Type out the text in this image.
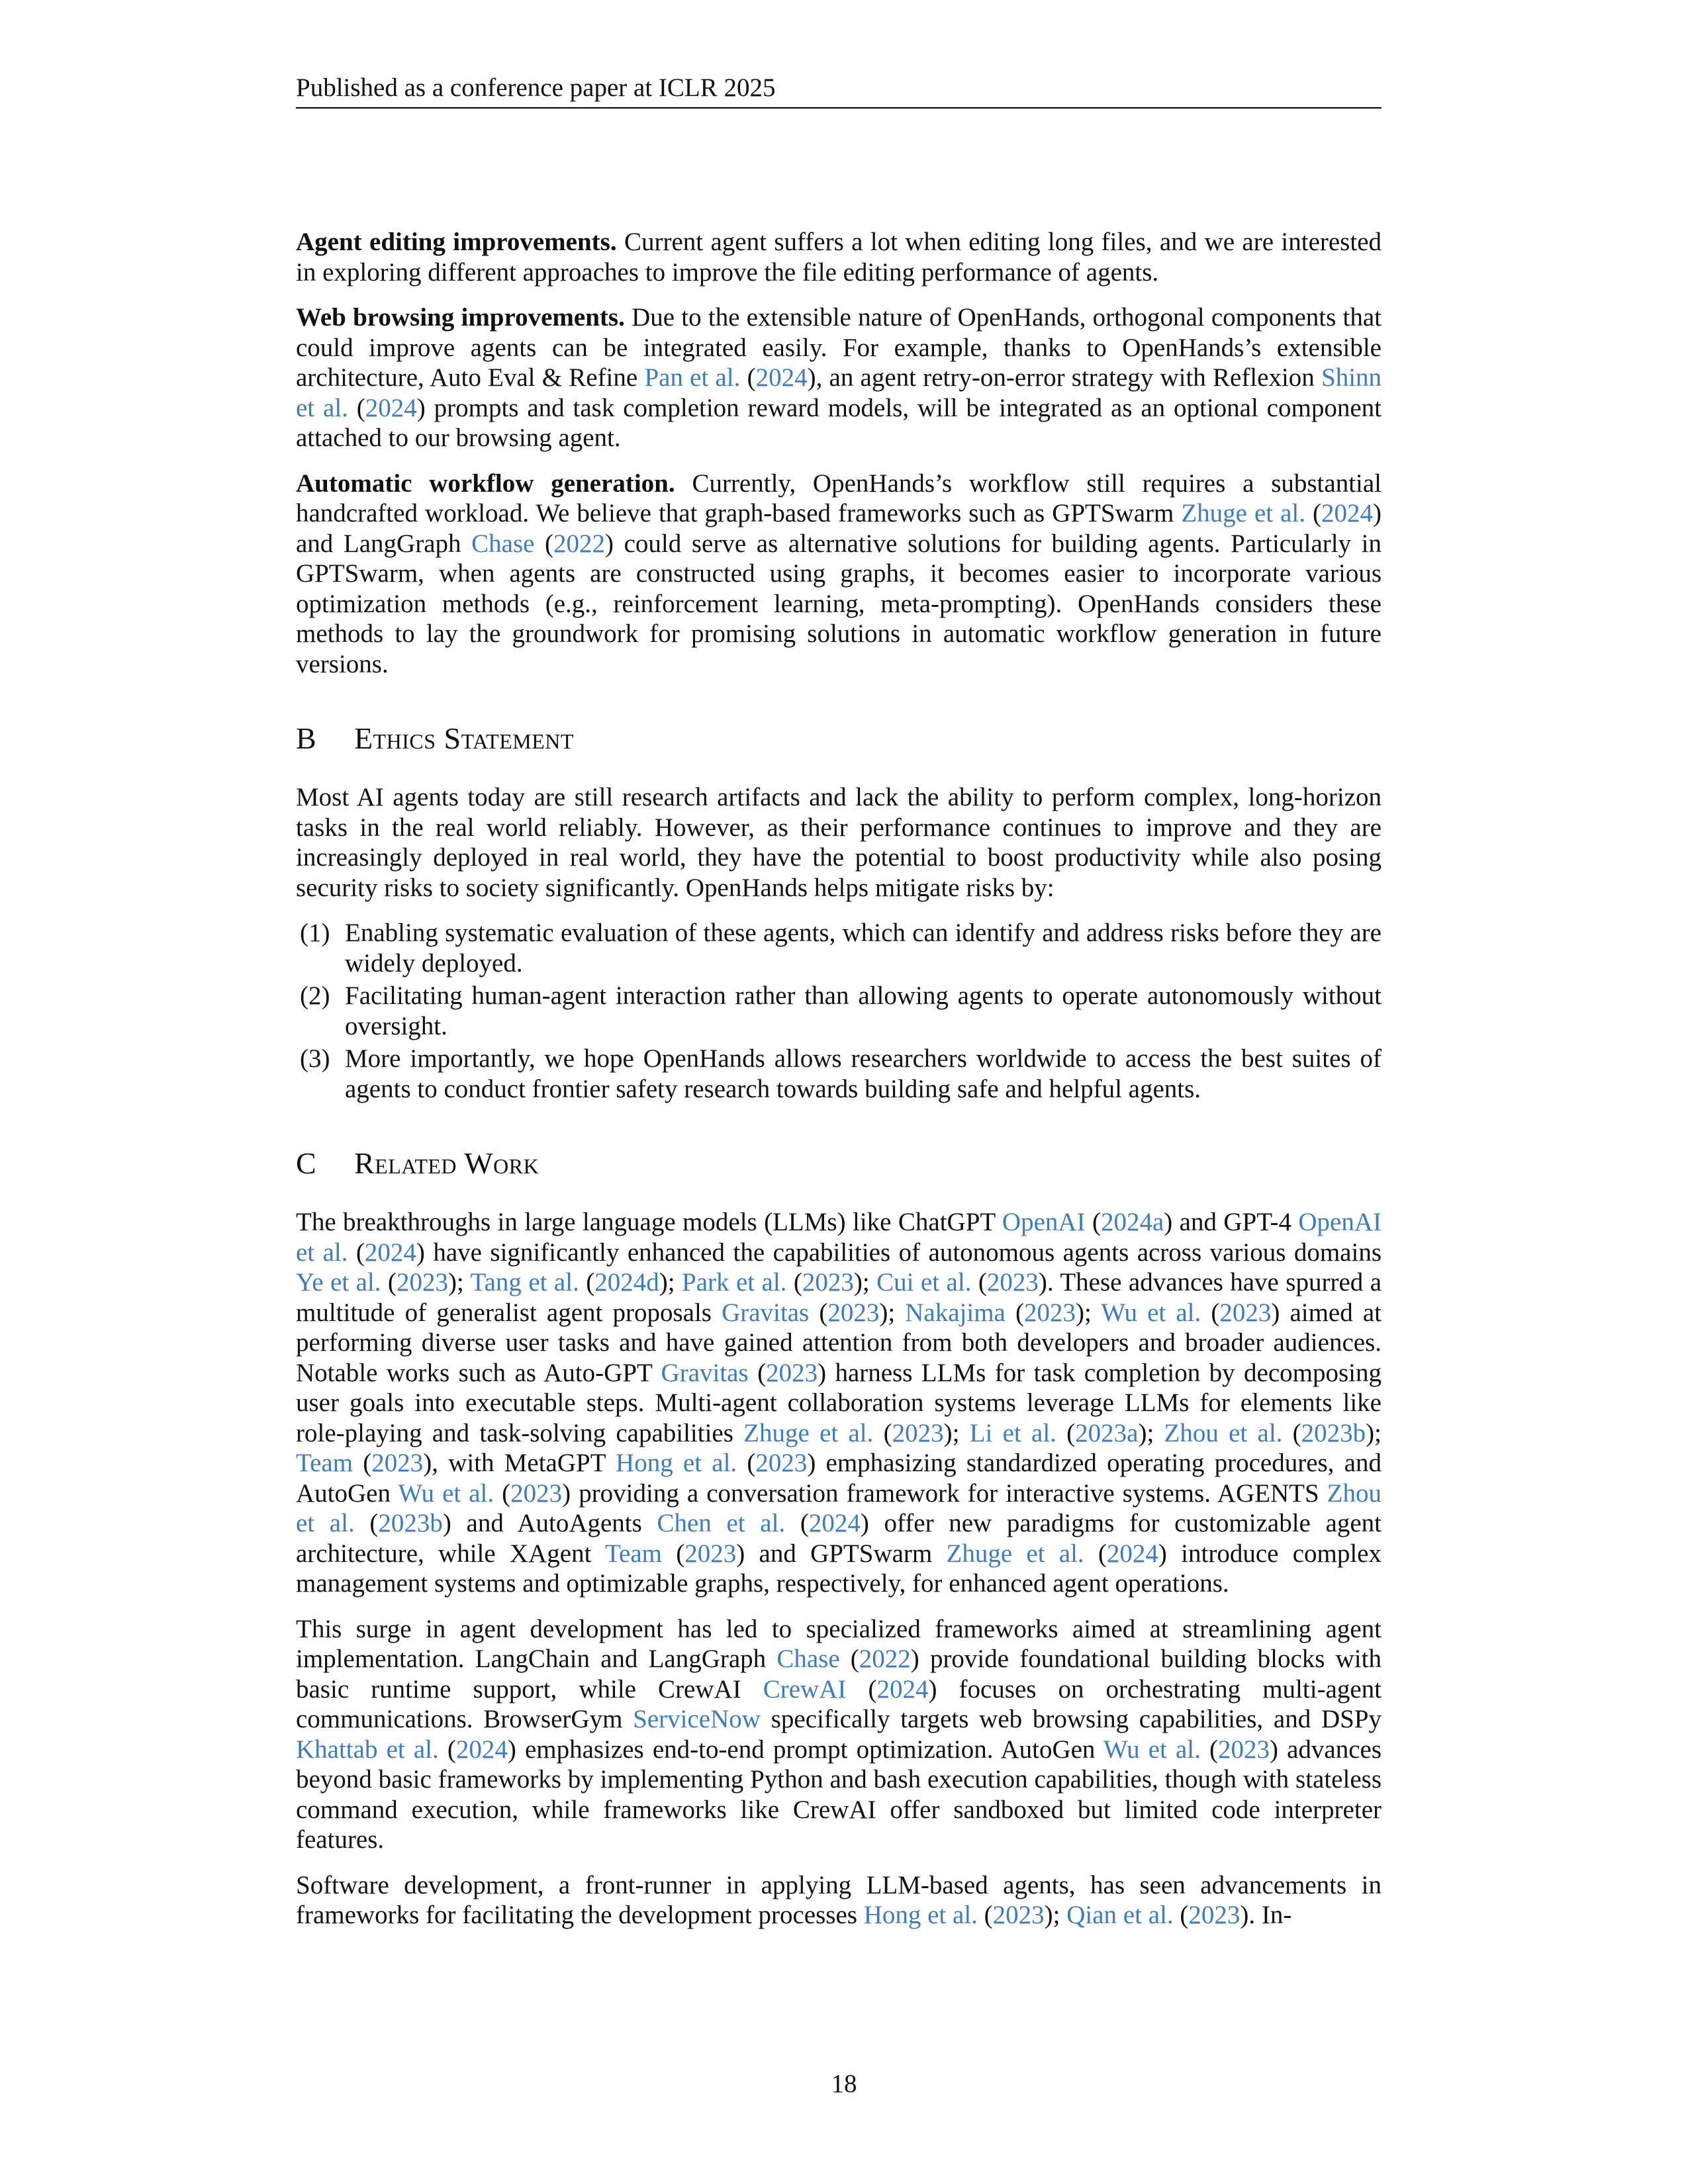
Published as a conference paper at ICLR 2025

Agent editing improvements. Current agent suffers a lot when editing long files, and we are interested in exploring different approaches to improve the file editing performance of agents.

Web browsing improvements. Due to the extensible nature of OpenHands, orthogonal components that could improve agents can be integrated easily. For example, thanks to OpenHands’s extensible architecture, Auto Eval & Refine Pan et al. (2024), an agent retry-on-error strategy with Reflexion Shinn et al. (2024) prompts and task completion reward models, will be integrated as an optional component attached to our browsing agent.

Automatic workflow generation. Currently, OpenHands’s workflow still requires a substantial handcrafted workload. We believe that graph-based frameworks such as GPTSwarm Zhuge et al. (2024) and LangGraph Chase (2022) could serve as alternative solutions for building agents. Particularly in GPTSwarm, when agents are constructed using graphs, it becomes easier to incorporate various optimization methods (e.g., reinforcement learning, meta-prompting). OpenHands considers these methods to lay the groundwork for promising solutions in automatic workflow generation in future versions.

B Ethics Statement

Most AI agents today are still research artifacts and lack the ability to perform complex, long-horizon tasks in the real world reliably. However, as their performance continues to improve and they are increasingly deployed in real world, they have the potential to boost productivity while also posing security risks to society significantly. OpenHands helps mitigate risks by:

(1) Enabling systematic evaluation of these agents, which can identify and address risks before they are widely deployed.
(2) Facilitating human-agent interaction rather than allowing agents to operate autonomously without oversight.
(3) More importantly, we hope OpenHands allows researchers worldwide to access the best suites of agents to conduct frontier safety research towards building safe and helpful agents.
C Related Work

The breakthroughs in large language models (LLMs) like ChatGPT OpenAI (2024a) and GPT-4 OpenAI et al. (2024) have significantly enhanced the capabilities of autonomous agents across various domains Ye et al. (2023); Tang et al. (2024d); Park et al. (2023); Cui et al. (2023). These advances have spurred a multitude of generalist agent proposals Gravitas (2023); Nakajima (2023); Wu et al. (2023) aimed at performing diverse user tasks and have gained attention from both developers and broader audiences. Notable works such as Auto-GPT Gravitas (2023) harness LLMs for task completion by decomposing user goals into executable steps. Multi-agent collaboration systems leverage LLMs for elements like role-playing and task-solving capabilities Zhuge et al. (2023); Li et al. (2023a); Zhou et al. (2023b); Team (2023), with MetaGPT Hong et al. (2023) emphasizing standardized operating procedures, and AutoGen Wu et al. (2023) providing a conversation framework for interactive systems. AGENTS Zhou et al. (2023b) and AutoAgents Chen et al. (2024) offer new paradigms for customizable agent architecture, while XAgent Team (2023) and GPTSwarm Zhuge et al. (2024) introduce complex management systems and optimizable graphs, respectively, for enhanced agent operations.

This surge in agent development has led to specialized frameworks aimed at streamlining agent implementation. LangChain and LangGraph Chase (2022) provide foundational building blocks with basic runtime support, while CrewAI CrewAI (2024) focuses on orchestrating multi-agent communications. BrowserGym ServiceNow specifically targets web browsing capabilities, and DSPy Khattab et al. (2024) emphasizes end-to-end prompt optimization. AutoGen Wu et al. (2023) advances beyond basic frameworks by implementing Python and bash execution capabilities, though with stateless command execution, while frameworks like CrewAI offer sandboxed but limited code interpreter features.

Software development, a front-runner in applying LLM-based agents, has seen advancements in frameworks for facilitating the development processes Hong et al. (2023); Qian et al. (2023). In-

18
